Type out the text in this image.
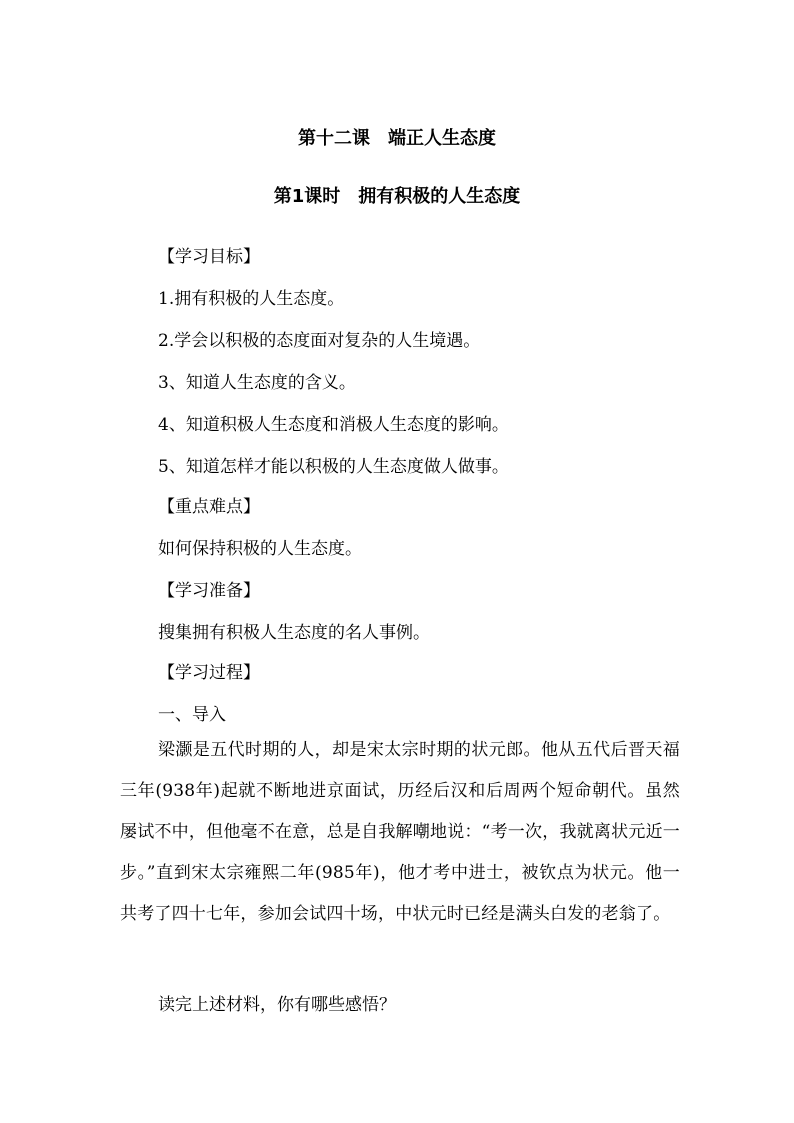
第十二课　端正人生态度
第1课时　拥有积极的人生态度
【学习目标】
1.拥有积极的人生态度。
2.学会以积极的态度面对复杂的人生境遇。
3、知道人生态度的含义。
4、知道积极人生态度和消极人生态度的影响。
5、知道怎样才能以积极的人生态度做人做事。
【重点难点】
如何保持积极的人生态度。
【学习准备】
搜集拥有积极人生态度的名人事例。
【学习过程】
一、导入
梁灏是五代时期的人，却是宋太宗时期的状元郎。他从五代后晋天福三年(938年)起就不断地进京面试，历经后汉和后周两个短命朝代。虽然屡试不中，但他毫不在意，总是自我解嘲地说：“考一次，我就离状元近一步。”直到宋太宗雍熙二年(985年)，他才考中进士，被钦点为状元。他一共考了四十七年，参加会试四十场，中状元时已经是满头白发的老翁了。
读完上述材料，你有哪些感悟？
